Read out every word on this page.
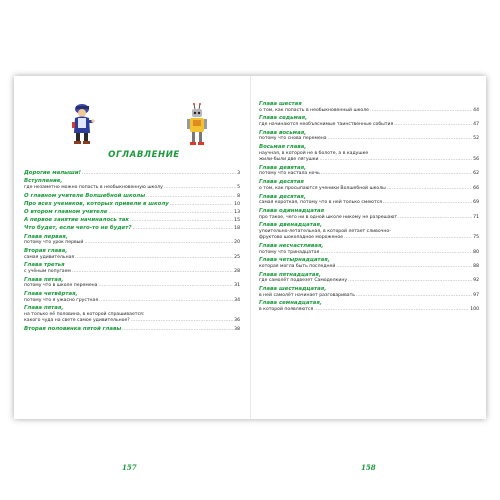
ОГЛАВЛЕНИЕ
Дорогие малыши! .....	3
Вступление,
где незаметно можно попасть в необыкновенную школу .....	5
О главном учителе Волшебной школы .....	8
Про всех учеников, которых привели в школу .....	10
О втором главном учителе .....	13
А первое занятие начиналось так .....	15
Что будет, если чего-то не будет? .....	18
Глава первая,
потому что урок первый .....	20
Вторая глава,
самая удивительная .....	25
Глава третья
с учёным попугаем .....	28
Глава пятая,
потому что в школе перемена .....	31
Глава четвёртая,
потому что я ужасно грустная .....	34
Глава пятая,
на только её половина, в которой спрашивается:
какого чуда на свете самое удивительное? .....	36
Вторая половинка пятой главы .....	38
157
Глава шестая
о том, как попасть в необыкновенный школе .....	44
Глава седьмая,
где начинаются необъяснимые таинственные события .....	47
Глава восьмая,
потому что снова перемена .....	52
Восьмая глава,
научная, в которой не в болоте, а в кадушке
жили-были две лягушки .....	56
Глава девятая,
потому что настала ночь .....	62
Глава десятая
о том, как просыпаются ученики Волшебной школы .....	66
Глава десятая,
самая короткая, потому что в ней только смеются .....	69
Глава одиннадцатая
про такое, чего ни в одной школе никому не разрешают .....	71
Глава двенадцатая,
упоительно-летательная, в которой летает сливочно-
фруктово шоколадное мороженое .....	75
Глава несчастливая,
потому что тринадцатая .....	80
Глава четырнадцатая,
которая могла быть последней .....	88
Глава пятнадцатая,
где самолёт подвезет Самоделкину .....	92
Глава шестнадцатая,
в ней самолёт начинает разговаривать .....	97
Глава семнадцатая,
в которой появляются .....	100
158
